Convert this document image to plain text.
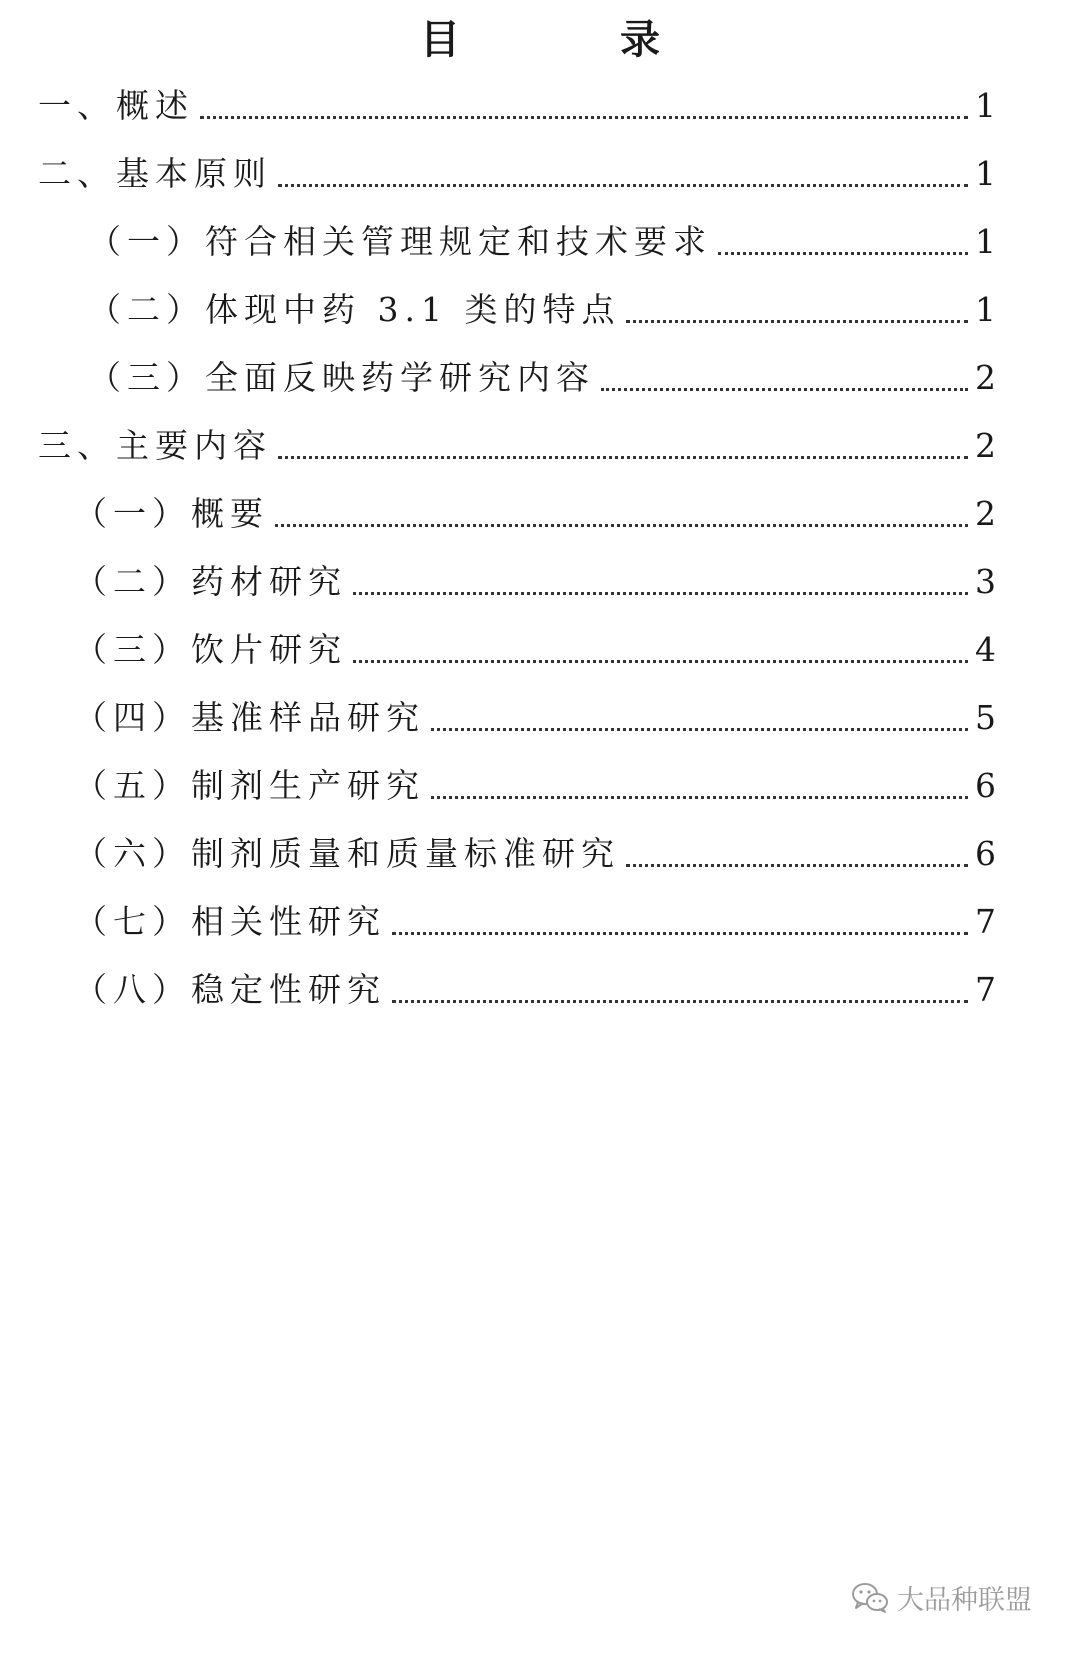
目　录
一、概述	1
二、基本原则	1
（一）符合相关管理规定和技术要求	1
（二）体现中药 3.1 类的特点	1
（三）全面反映药学研究内容	2
三、主要内容	2
（一）概要	2
（二）药材研究	3
（三）饮片研究	4
（四）基准样品研究	5
（五）制剂生产研究	6
（六）制剂质量和质量标准研究	6
（七）相关性研究	7
（八）稳定性研究	7
大品种联盟
